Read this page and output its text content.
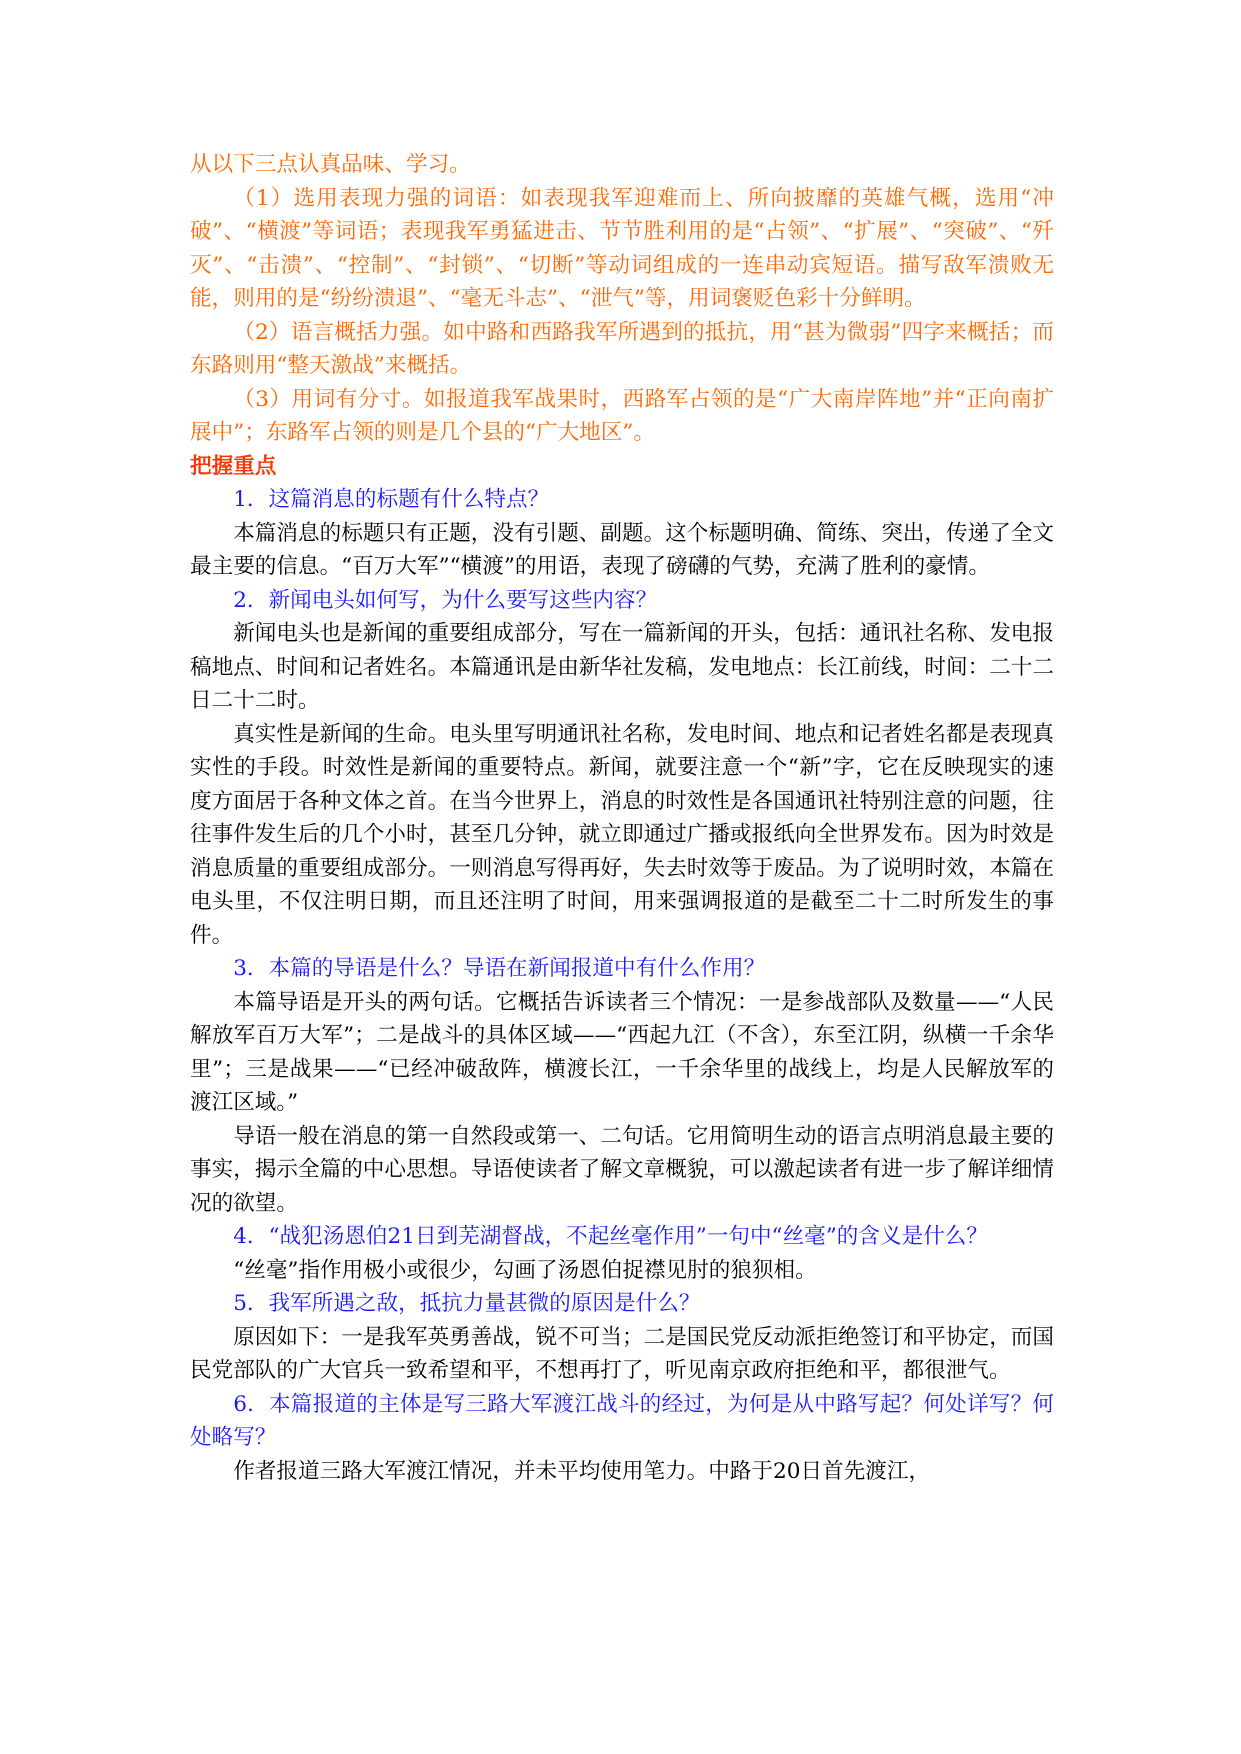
从以下三点认真品味、学习。

（1）选用表现力强的词语：如表现我军迎难而上、所向披靡的英雄气概，选用“冲破”、“横渡”等词语；表现我军勇猛进击、节节胜利用的是“占领”、“扩展”、“突破”、“歼灭”、“击溃”、“控制”、“封锁”、“切断”等动词组成的一连串动宾短语。描写敌军溃败无能，则用的是“纷纷溃退”、“毫无斗志”、“泄气”等，用词褒贬色彩十分鲜明。

（2）语言概括力强。如中路和西路我军所遇到的抵抗，用“甚为微弱”四字来概括；而东路则用“整天激战”来概括。

（3）用词有分寸。如报道我军战果时，西路军占领的是“广大南岸阵地”并“正向南扩展中”；东路军占领的则是几个县的“广大地区”。

把握重点

1．这篇消息的标题有什么特点？

本篇消息的标题只有正题，没有引题、副题。这个标题明确、简练、突出，传递了全文最主要的信息。“百万大军”“横渡”的用语，表现了磅礴的气势，充满了胜利的豪情。

2．新闻电头如何写，为什么要写这些内容？

新闻电头也是新闻的重要组成部分，写在一篇新闻的开头，包括：通讯社名称、发电报稿地点、时间和记者姓名。本篇通讯是由新华社发稿，发电地点：长江前线，时间：二十二日二十二时。

真实性是新闻的生命。电头里写明通讯社名称，发电时间、地点和记者姓名都是表现真实性的手段。时效性是新闻的重要特点。新闻，就要注意一个“新”字，它在反映现实的速度方面居于各种文体之首。在当今世界上，消息的时效性是各国通讯社特别注意的问题，往往事件发生后的几个小时，甚至几分钟，就立即通过广播或报纸向全世界发布。因为时效是消息质量的重要组成部分。一则消息写得再好，失去时效等于废品。为了说明时效，本篇在电头里，不仅注明日期，而且还注明了时间，用来强调报道的是截至二十二时所发生的事件。

3．本篇的导语是什么？导语在新闻报道中有什么作用？

本篇导语是开头的两句话。它概括告诉读者三个情况：一是参战部队及数量——“人民解放军百万大军”；二是战斗的具体区域——“西起九江（不含），东至江阴，纵横一千余华里”；三是战果——“已经冲破敌阵，横渡长江，一千余华里的战线上，均是人民解放军的渡江区域。”

导语一般在消息的第一自然段或第一、二句话。它用简明生动的语言点明消息最主要的事实，揭示全篇的中心思想。导语使读者了解文章概貌，可以激起读者有进一步了解详细情况的欲望。

4．“战犯汤恩伯21日到芜湖督战，不起丝毫作用”一句中“丝毫”的含义是什么？

“丝毫”指作用极小或很少，勾画了汤恩伯捉襟见肘的狼狈相。

5．我军所遇之敌，抵抗力量甚微的原因是什么？

原因如下：一是我军英勇善战，锐不可当；二是国民党反动派拒绝签订和平协定，而国民党部队的广大官兵一致希望和平，不想再打了，听见南京政府拒绝和平，都很泄气。

6．本篇报道的主体是写三路大军渡江战斗的经过，为何是从中路写起？何处详写？何处略写？

作者报道三路大军渡江情况，并未平均使用笔力。中路于20日首先渡江，
